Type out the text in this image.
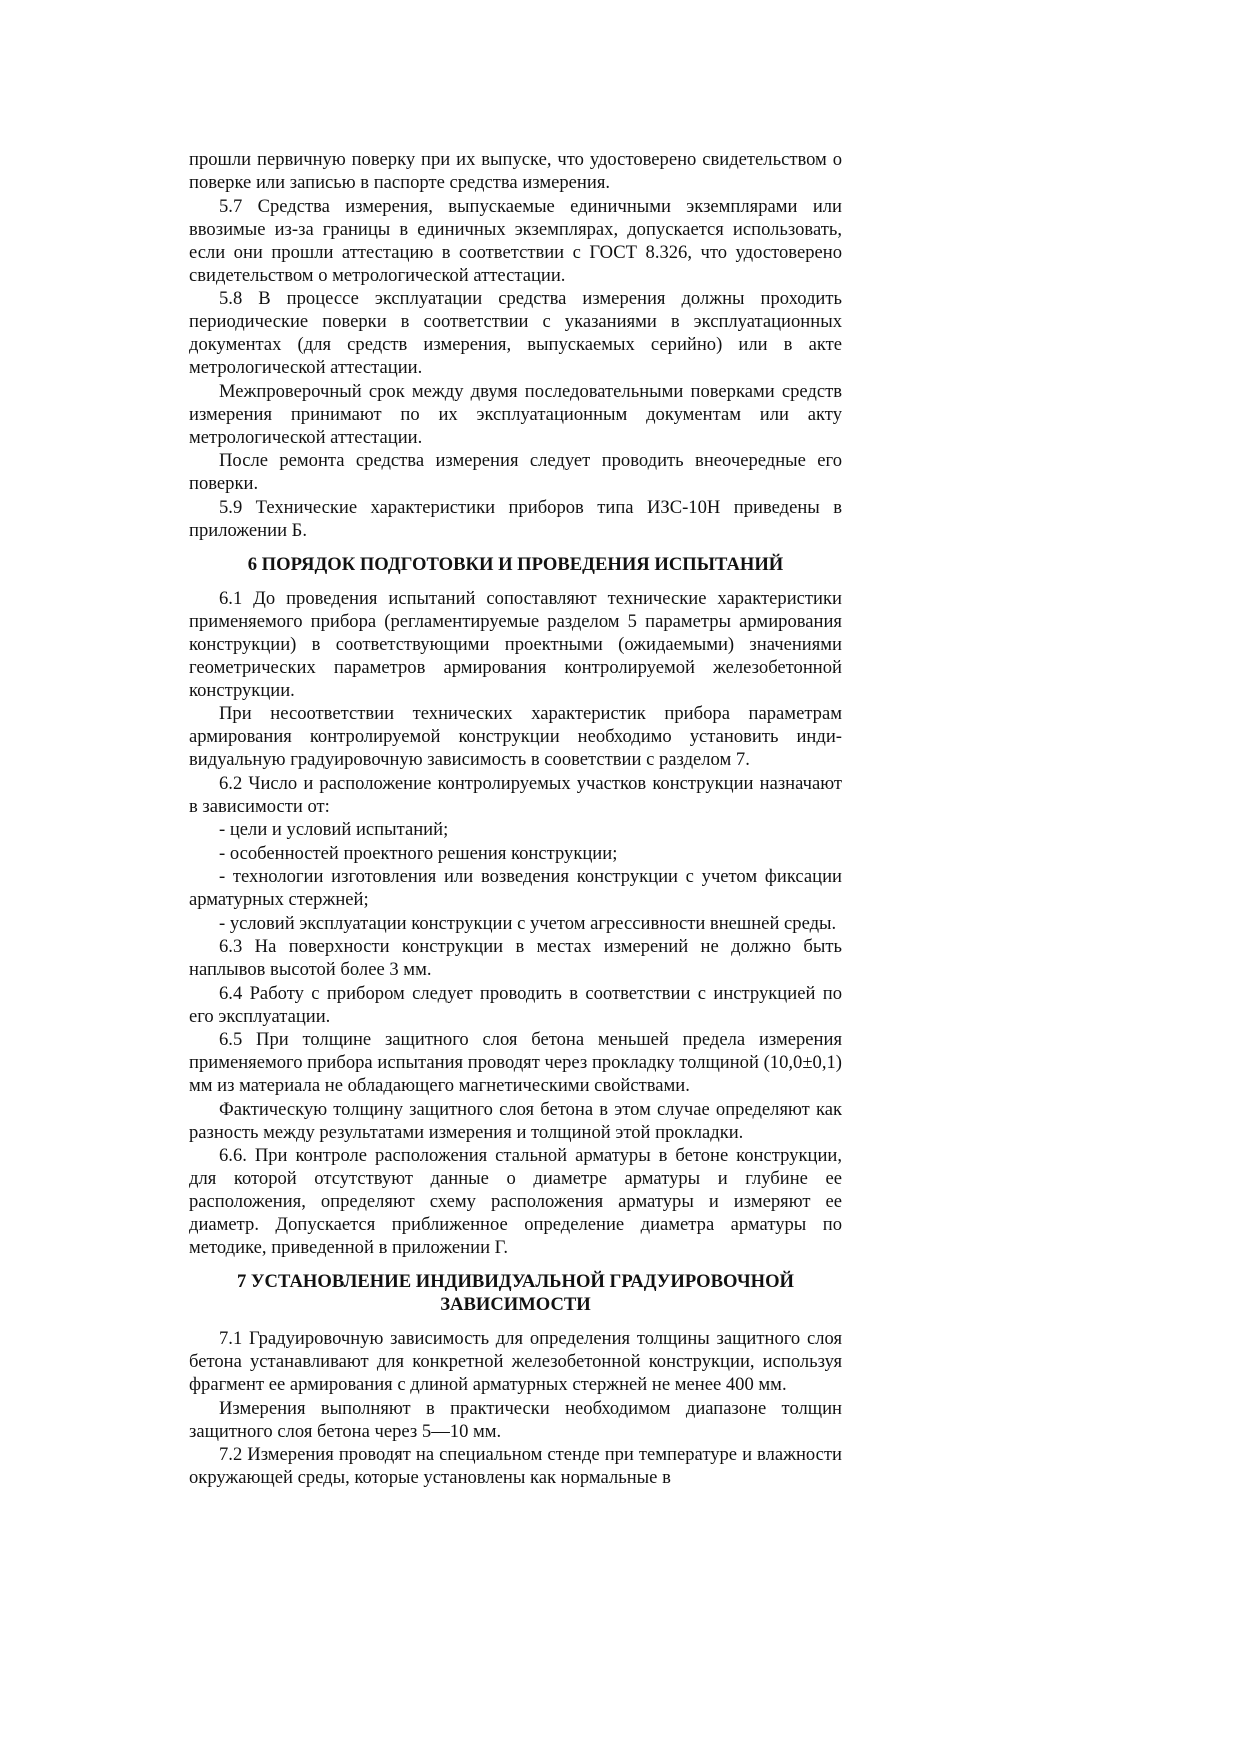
прошли первичную поверку при их выпуске, что удостоверено свидетельством о поверке или записью в паспорте средства измерения.

5.7 Средства измерения, выпускаемые единичными экземплярами или ввозимые из-за границы в единичных экземплярах, допускается использовать, если они прошли аттестацию в соответствии с ГОСТ 8.326, что удостоверено свидетельством о метрологической аттестации.

5.8 В процессе эксплуатации средства измерения должны проходить периодические поверки в соответствии с указаниями в эксплуатационных документах (для средств измерения, выпускаемых серийно) или в акте метрологической аттестации.

Межпроверочный срок между двумя последовательными поверками средств измерения принимают по их эксплуатационным документам или акту метрологической аттестации.

После ремонта средства измерения следует проводить внеочередные его поверки.

5.9 Технические характеристики приборов типа ИЗС-10Н приведены в приложении Б.

6 ПОРЯДОК ПОДГОТОВКИ И ПРОВЕДЕНИЯ ИСПЫТАНИЙ

6.1 До проведения испытаний сопоставляют технические характеристики применяемого прибора (регламентируемые разделом 5 параметры армирования конструкции) в соответствующими проектными (ожидаемыми) значениями геометрических параметров армирования контролируемой железобетонной конструкции.

При несоответствии технических характеристик прибора параметрам армирования контролируемой конструкции необходимо установить индивидуальную градуировочную зависимость в сооветствии с разделом 7.

6.2 Число и расположение контролируемых участков конструкции назначают в зависимости от:

- цели и условий испытаний;

- особенностей проектного решения конструкции;

- технологии изготовления или возведения конструкции с учетом фиксации арматурных стержней;

- условий эксплуатации конструкции с учетом агрессивности внешней среды.

6.3 На поверхности конструкции в местах измерений не должно быть наплывов высотой более 3 мм.

6.4 Работу с прибором следует проводить в соответствии с инструкцией по его эксплуатации.

6.5 При толщине защитного слоя бетона меньшей предела измерения применяемого прибора испытания проводят через прокладку толщиной (10,0±0,1) мм из материала не обладающего магнетическими свойствами.

Фактическую толщину защитного слоя бетона в этом случае определяют как разность между результатами измерения и толщиной этой прокладки.

6.6. При контроле расположения стальной арматуры в бетоне конструкции, для которой отсутствуют данные о диаметре арматуры и глубине ее расположения, определяют схему расположения арматуры и измеряют ее диаметр. Допускается приближенное определение диаметра арматуры по методике, приведенной в приложении Г.

7 УСТАНОВЛЕНИЕ ИНДИВИДУАЛЬНОЙ ГРАДУИРОВОЧНОЙ
ЗАВИСИМОСТИ

7.1 Градуировочную зависимость для определения толщины защитного слоя бетона устанавливают для конкретной железобетонной конструкции, используя фрагмент ее армирования с длиной арматурных стержней не менее 400 мм.

Измерения выполняют в практически необходимом диапазоне толщин защитного слоя бетона через 5—10 мм.

7.2 Измерения проводят на специальном стенде при температуре и влажности окружающей среды, которые установлены как нормальные в
